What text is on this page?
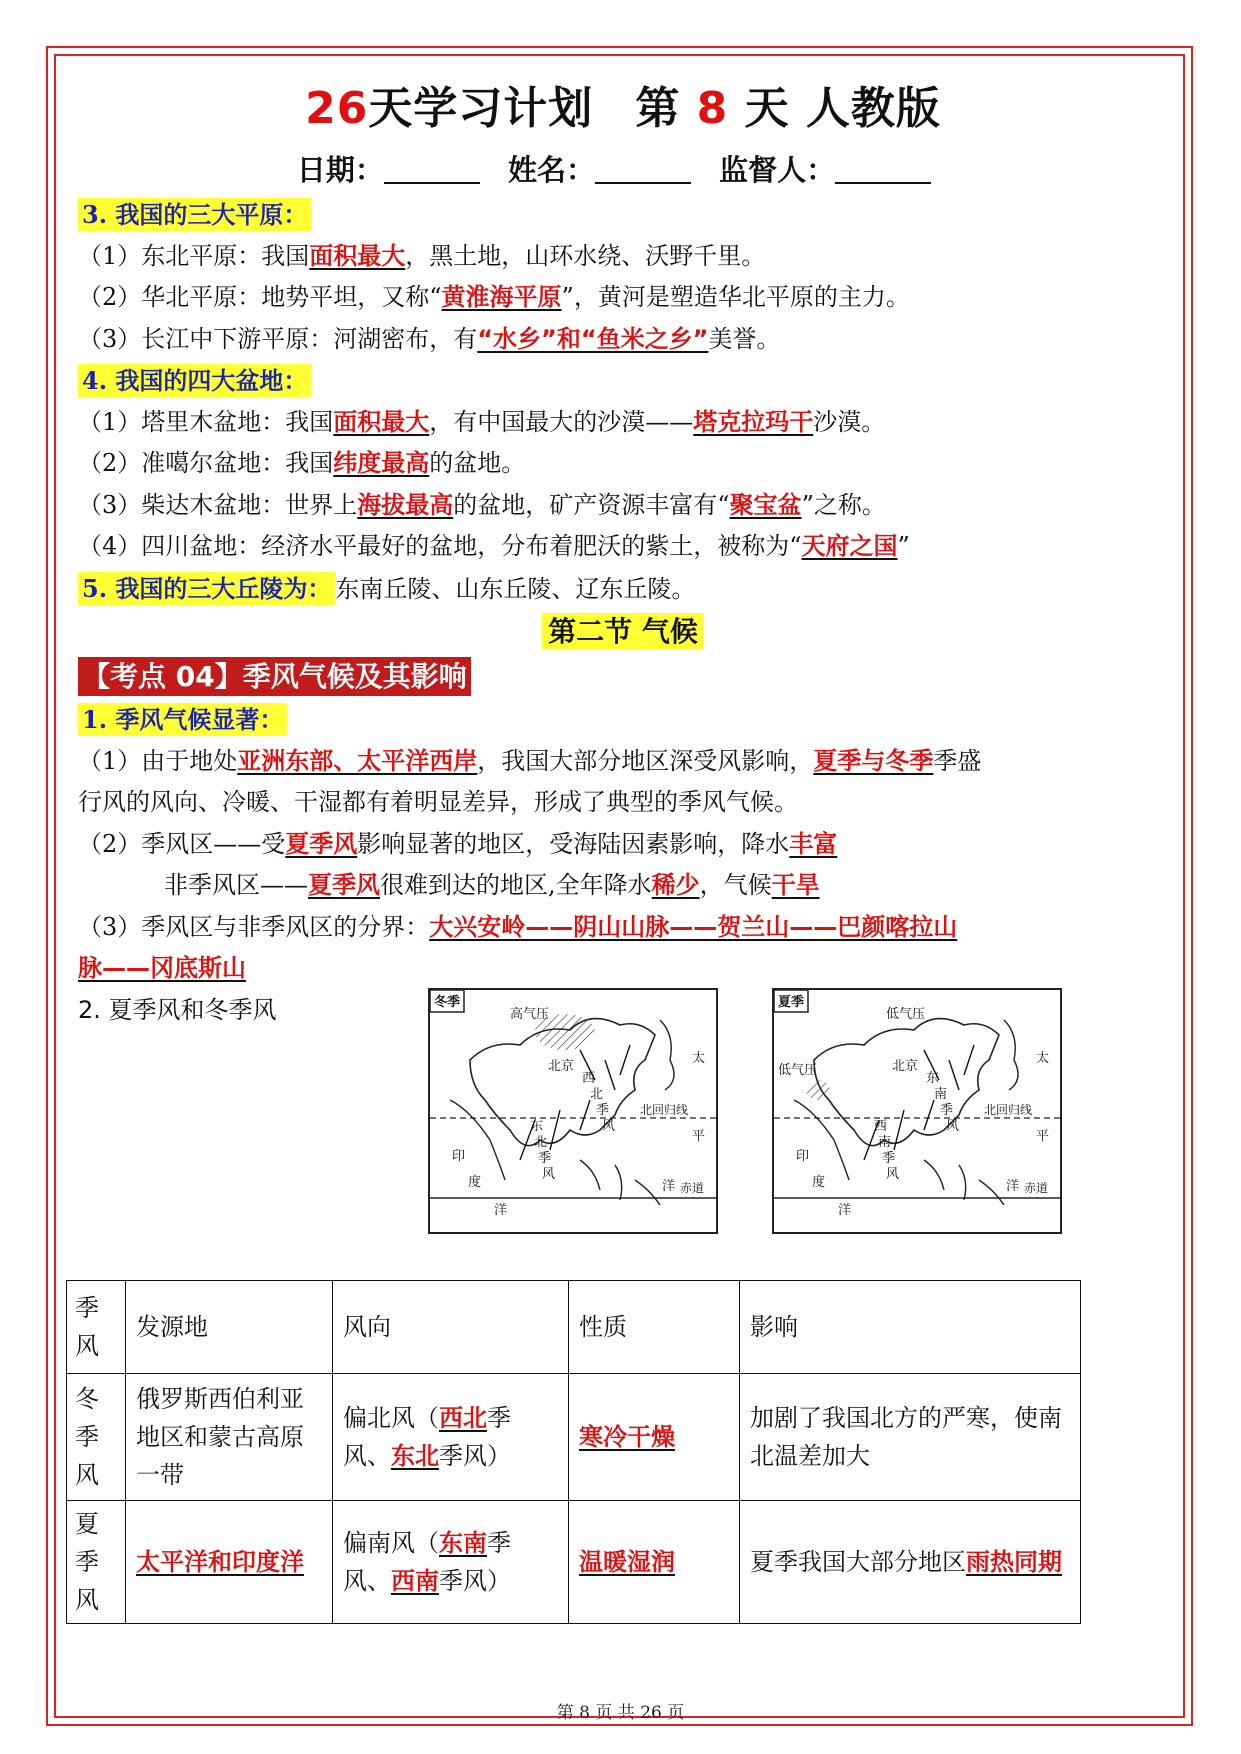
26天学习计划 第 8 天 人教版
日期：	姓名：	监督人：
3. 我国的三大平原：
（1）东北平原：我国面积最大，黑土地，山环水绕、沃野千里。
（2）华北平原：地势平坦，又称“黄淮海平原”，黄河是塑造华北平原的主力。
（3）长江中下游平原：河湖密布，有“水乡”和“鱼米之乡”美誉。
4. 我国的四大盆地：
（1）塔里木盆地：我国面积最大，有中国最大的沙漠——塔克拉玛干沙漠。
（2）准噶尔盆地：我国纬度最高的盆地。
（3）柴达木盆地：世界上海拔最高的盆地，矿产资源丰富有“聚宝盆”之称。
（4）四川盆地：经济水平最好的盆地，分布着肥沃的紫土，被称为“天府之国”
5. 我国的三大丘陵为： 东南丘陵、山东丘陵、辽东丘陵。
第二节 气候
【考点 04】季风气候及其影响
1. 季风气候显著：
（1）由于地处亚洲东部、太平洋西岸，我国大部分地区深受风影响，夏季与冬季季盛
行风的风向、冷暖、干湿都有着明显差异，形成了典型的季风气候。
（2）季风区——受夏季风影响显著的地区，受海陆因素影响，降水丰富
非季风区——夏季风很难到达的地区,全年降水稀少，气候干旱
（3）季风区与非季风区的分界：大兴安岭——阴山山脉——贺兰山——巴颜喀拉山
脉——冈底斯山
2. 夏季风和冬季风	冬季
高气压
北京
西
北
季
风
东
北
季
风
北回归线
赤道
太
平
洋
印
度
洋
夏季
低气压
低气压	北京
东
南
季
风
西
南
季
风
北回归线
赤道
太
平
洋
印
度
洋
季风	发源地	风向	性质	影响
冬季风	俄罗斯西伯利亚地区和蒙古高原一带	偏北风（西北季风、东北季风）	寒冷干燥	加剧了我国北方的严寒，使南北温差加大
夏季风	太平洋和印度洋	偏南风（东南季风、西南季风）	温暖湿润	夏季我国大部分地区雨热同期
第 8 页 共 26 页
